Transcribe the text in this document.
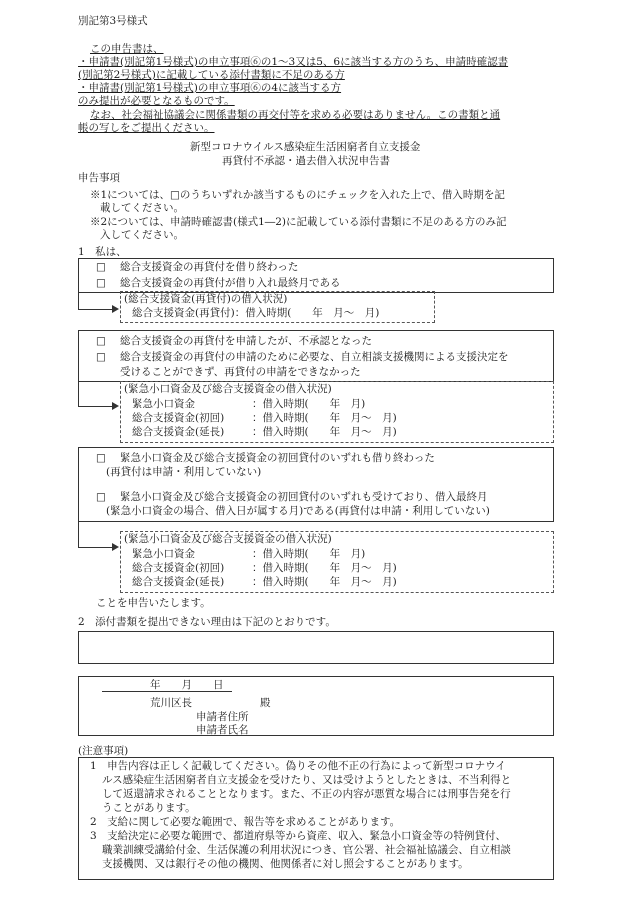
別記第3号様式
この申告書は、
・申請書(別記第1号様式)の申立事項⑥の1～3又は5、6に該当する方のうち、申請時確認書
(別記第2号様式)に記載している添付書類に不足のある方
・申請書(別記第1号様式)の申立事項⑥の4に該当する方
のみ提出が必要となるものです。
なお、社会福祉協議会に関係書類の再交付等を求める必要はありません。この書類と通
帳の写しをご提出ください。
新型コロナウイルス感染症生活困窮者自立支援金
再貸付不承認・過去借入状況申告書
申告事項
※1については、□のうちいずれか該当するものにチェックを入れた上で、借入時期を記
載してください。
※2については、申請時確認書(様式1―2)に記載している添付書類に不足のある方のみ記
入してください。
1　私は、
□ 総合支援資金の再貸付を借り終わった
□ 総合支援資金の再貸付が借り入れ最終月である
(総合支援資金(再貸付)の借入状況)
総合支援資金(再貸付)：借入時期(　　年　月～　月)
□ 総合支援資金の再貸付を申請したが、不承認となった
□ 総合支援資金の再貸付の申請のために必要な、自立相談支援機関による支援決定を
受けることができず、再貸付の申請をできなかった
(緊急小口資金及び総合支援資金の借入状況)
緊急小口資金	：借入時期(　　年　月)
総合支援資金(初回)	：借入時期(　　年　月～　月)
総合支援資金(延長)	：借入時期(　　年　月～　月)
□ 緊急小口資金及び総合支援資金の初回貸付のいずれも借り終わった
(再貸付は申請・利用していない)
□ 緊急小口資金及び総合支援資金の初回貸付のいずれも受けており、借入最終月
(緊急小口資金の場合、借入日が属する月)である(再貸付は申請・利用していない)
(緊急小口資金及び総合支援資金の借入状況)
緊急小口資金	：借入時期(　　年　月)
総合支援資金(初回)	：借入時期(　　年　月～　月)
総合支援資金(延長)	：借入時期(　　年　月～　月)
ことを申告いたします。
2　添付書類を提出できない理由は下記のとおりです。
年　　月　　日
荒川区長	殿
申請者住所
申請者氏名
(注意事項)
1　申告内容は正しく記載してください。偽りその他不正の行為によって新型コロナウイ
ルス感染症生活困窮者自立支援金を受けたり、又は受けようとしたときは、不当利得と
して返還請求されることとなります。また、不正の内容が悪質な場合には刑事告発を行
うことがあります。
2　支給に関して必要な範囲で、報告等を求めることがあります。
3　支給決定に必要な範囲で、都道府県等から資産、収入、緊急小口資金等の特例貸付、
職業訓練受講給付金、生活保護の利用状況につき、官公署、社会福祉協議会、自立相談
支援機関、又は銀行その他の機関、他関係者に対し照会することがあります。
